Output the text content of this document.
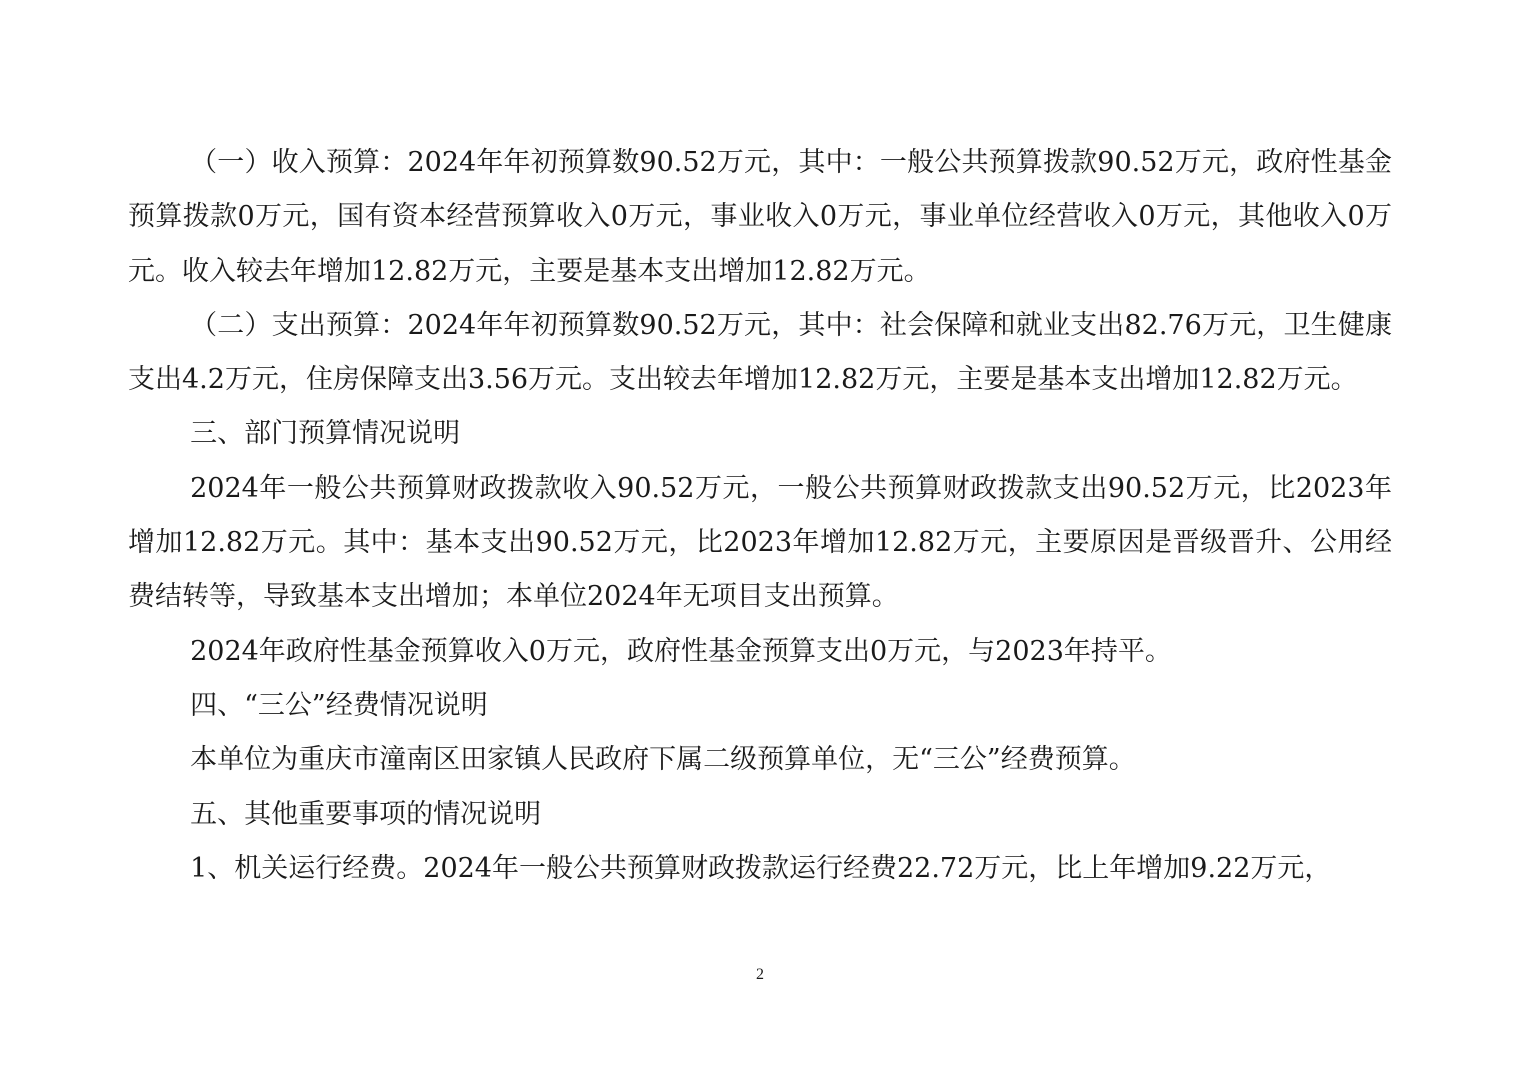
（一）收入预算：2024年年初预算数90.52万元，其中：一般公共预算拨款90.52万元，政府性基金预算拨款0万元，国有资本经营预算收入0万元，事业收入0万元，事业单位经营收入0万元，其他收入0万元。收入较去年增加12.82万元，主要是基本支出增加12.82万元。

（二）支出预算：2024年年初预算数90.52万元，其中：社会保障和就业支出82.76万元，卫生健康支出4.2万元，住房保障支出3.56万元。支出较去年增加12.82万元，主要是基本支出增加12.82万元。

三、部门预算情况说明

2024年一般公共预算财政拨款收入90.52万元，一般公共预算财政拨款支出90.52万元，比2023年增加12.82万元。其中：基本支出90.52万元，比2023年增加12.82万元，主要原因是晋级晋升、公用经费结转等，导致基本支出增加；本单位2024年无项目支出预算。

2024年政府性基金预算收入0万元，政府性基金预算支出0万元，与2023年持平。

四、“三公”经费情况说明

本单位为重庆市潼南区田家镇人民政府下属二级预算单位，无“三公”经费预算。

五、其他重要事项的情况说明

1、机关运行经费。2024年一般公共预算财政拨款运行经费22.72万元，比上年增加9.22万元，

2
